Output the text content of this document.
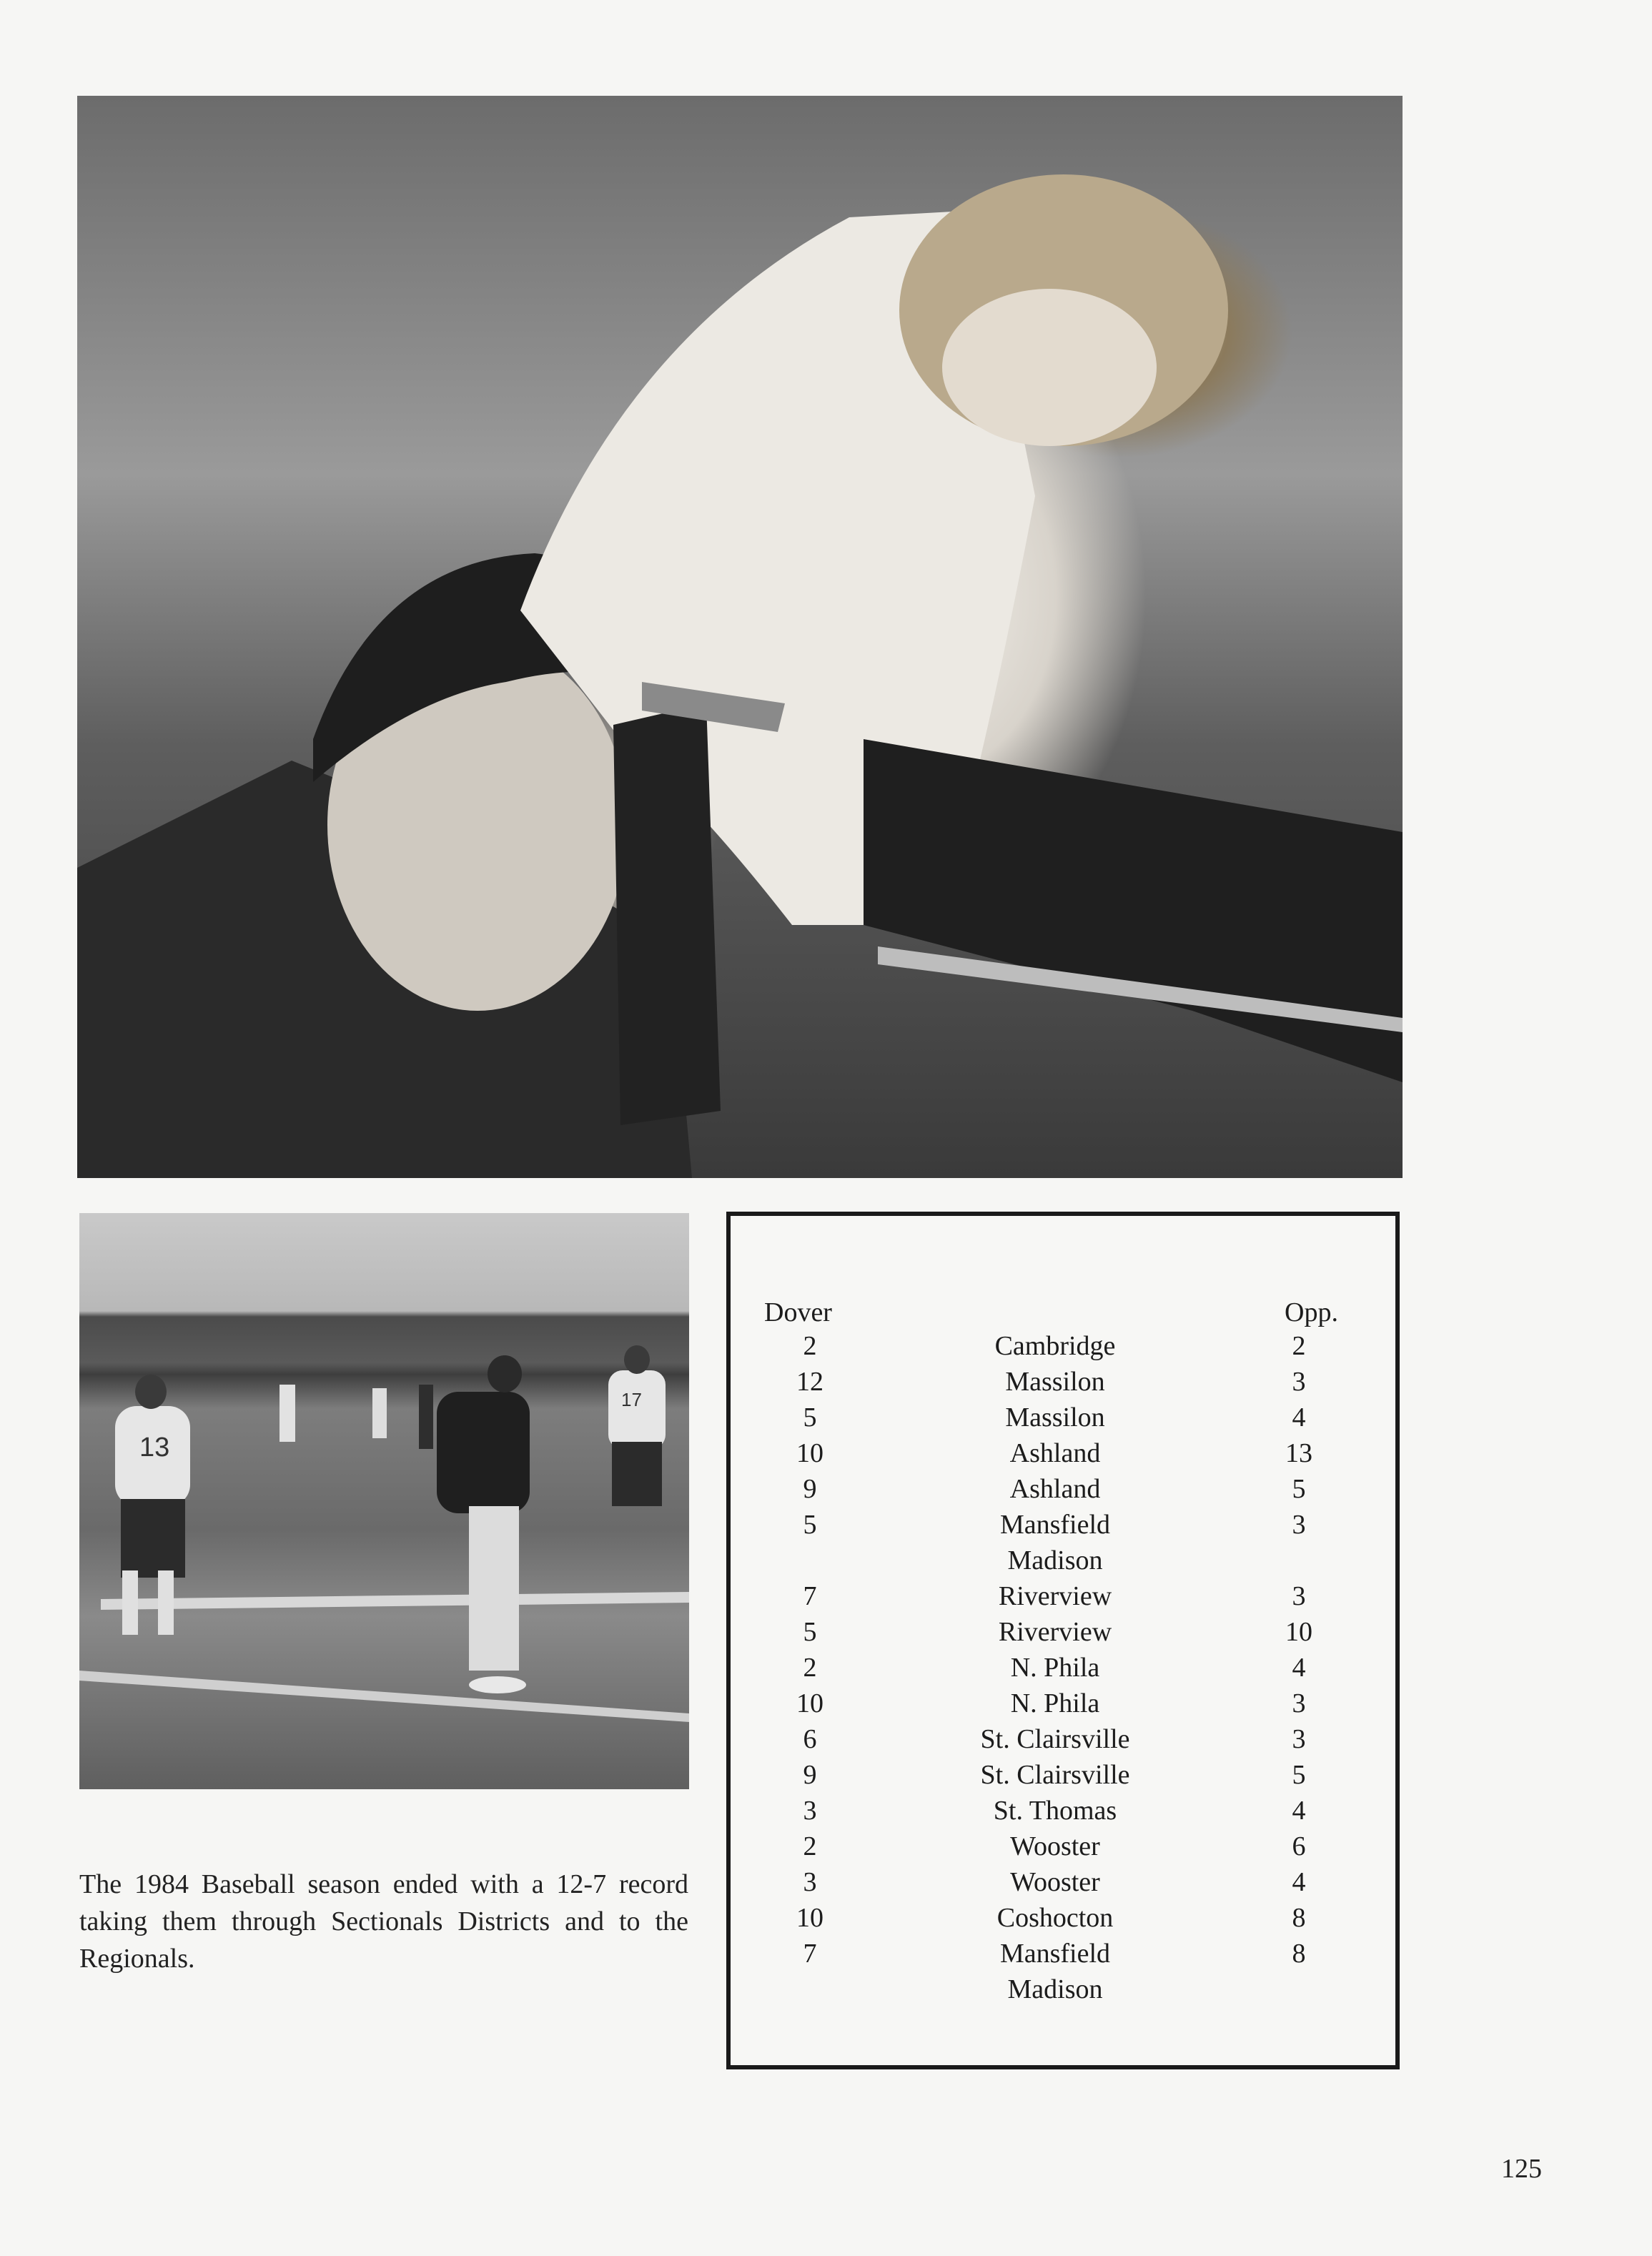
13
17
The 1984 Baseball season ended with a 12-7 record taking them through Sectionals Districts and to the Regionals.
Dover	Opp.
2	Cambridge	2
12	Massilon	3
5	Massilon	4
10	Ashland	13
9	Ashland	5
5	Mansfield	3
Madison
7	Riverview	3
5	Riverview	10
2	N. Phila	4
10	N. Phila	3
6	St. Clairsville	3
9	St. Clairsville	5
3	St. Thomas	4
2	Wooster	6
3	Wooster	4
10	Coshocton	8
7	Mansfield	8
Madison
125
